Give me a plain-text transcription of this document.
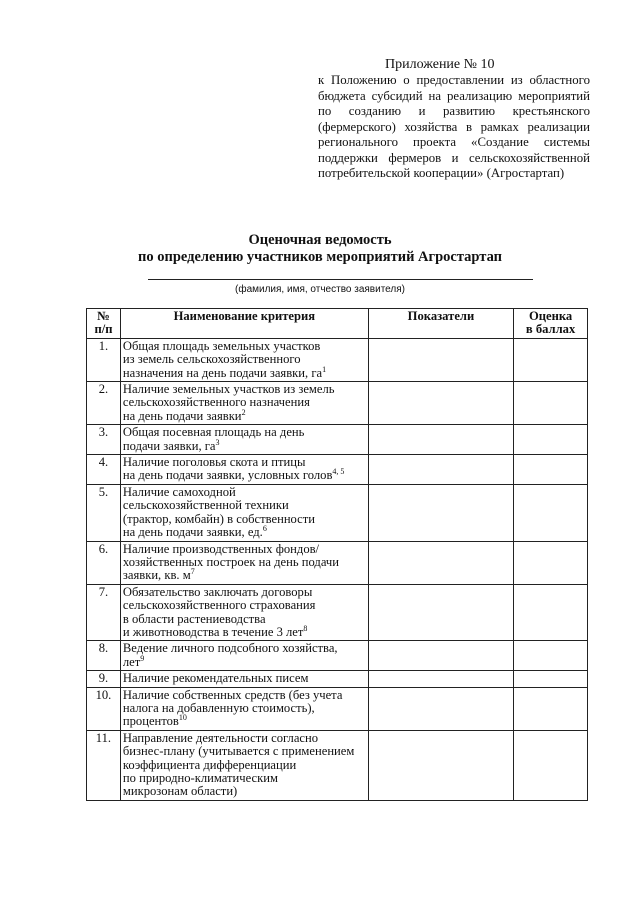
Приложение № 10
к Положению о предоставлении из областного бюджета субсидий на реализацию мероприятий по созданию и развитию крестьянского (фермерского) хозяйства в рамках реализации регионального проекта «Создание системы поддержки фермеров и сельскохозяйственной потребительской кооперации» (Агростартап)
Оценочная ведомость
по определению участников мероприятий Агростартап
(фамилия, имя, отчество заявителя)
№
п/п	Наименование критерия	Показатели	Оценка
в баллах

1.	Общая площадь земельных участков
из земель сельскохозяйственного
назначения на день подачи заявки, $га^1$

2.	Наличие земельных участков из земель
сельскохозяйственного назначения
на день подачи заявки$^2$

3.	Общая посевная площадь на день
подачи заявки, $га^3$

4.	Наличие поголовья скота и птицы
на день подачи заявки, условных голов$^{4, 5}$

5.	Наличие самоходной
сельскохозяйственной техники
(трактор, комбайн) в собственности
на день подачи заявки, ед.$^6$

6.	Наличие производственных фондов/
хозяйственных построек на день подачи
заявки, кв. $м^7$

7.	Обязательство заключать договоры
сельскохозяйственного страхования
в области растениеводства
и животноводства в течение 3 лет$^8$

8.	Ведение личного подсобного хозяйства,
лет$^9$

9.	Наличие рекомендательных писем		

10.	Наличие собственных средств (без учета
налога на добавленную стоимость),
процентов$^{10}$

11.	Направление деятельности согласно
бизнес-плану (учитывается с применением
коэффициента дифференциации
по природно-климатическим
микрозонам области)		
